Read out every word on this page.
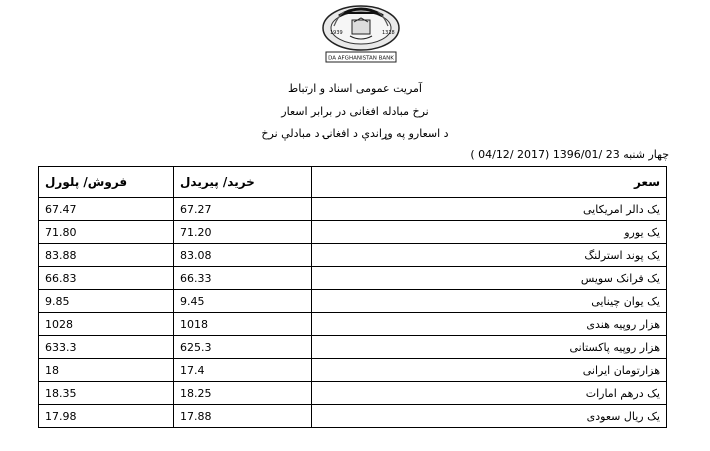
1939	1318
DA AFGHANISTAN BANK
آمریت عمومی اسناد و ارتباط
نرخ مبادله افغانی در برابر اسعار
د اسعارو په وړاندې د افغانۍ د مبادلې نرخ
چهار شنبه 23 /1396/01 (2017 /04/12 )
فروش/ پلورل	خرید/ پیریدل	سعر
67.47	67.27	یک دالر امریکایی
71.80	71.20	یک یورو
83.88	83.08	یک پوند استرلنگ
66.83	66.33	یک فرانک سویس
9.85	9.45	یک یوان چینایی
1028	1018	هزار روپیه هندی
633.3	625.3	هزار روپیه پاکستانی
18	17.4	هزارتومان ایرانی
18.35	18.25	یک درهم امارات
17.98	17.88	یک ریال سعودی
